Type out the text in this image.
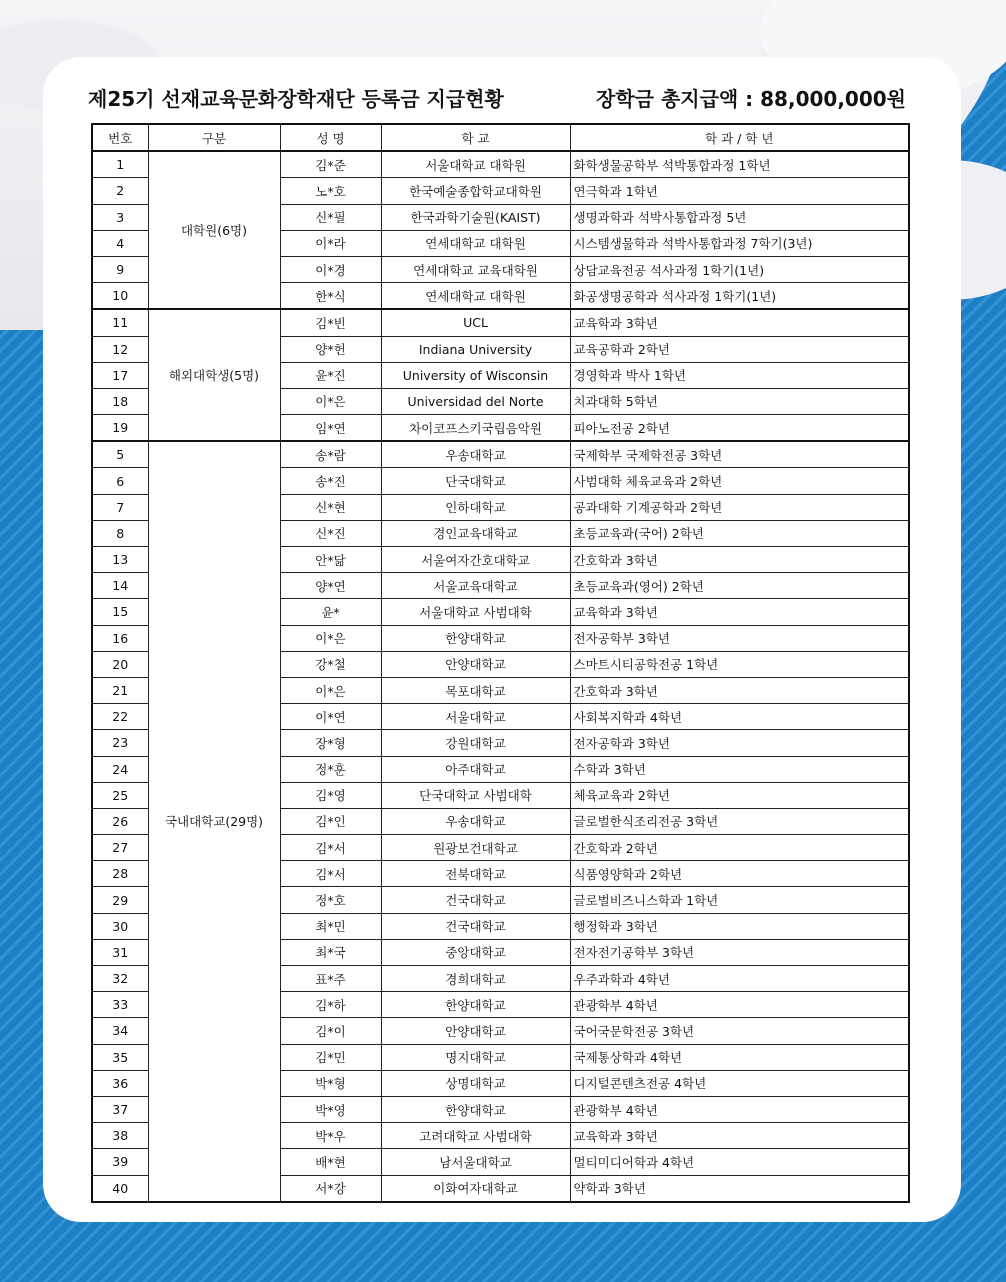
제25기 선재교육문화장학재단 등록금 지급현황	장학금 총지급액 : 88,000,000원
번호	구분	성 명	학 교	학 과 / 학 년
1	대학원(6명)	김*준	서울대학교 대학원	화학생물공학부 석박통합과정 1학년
2		노*호	한국예술종합학교대학원	연극학과 1학년
3		신*필	한국과학기술원(KAIST)	생명과학과 석박사통합과정 5년
4		이*라	연세대학교 대학원	시스템생물학과 석박사통합과정 7학기(3년)
9		이*경	연세대학교 교육대학원	상담교육전공 석사과정 1학기(1년)
10		한*식	연세대학교 대학원	화공생명공학과 석사과정 1학기(1년)
11	해외대학생(5명)	김*빈	UCL	교육학과 3학년
12		양*헌	Indiana University	교육공학과 2학년
17		윤*진	University of Wisconsin	경영학과 박사 1학년
18		이*은	Universidad del Norte	치과대학 5학년
19		임*연	차이코프스키국립음악원	피아노전공 2학년
5	국내대학교(29명)	송*람	우송대학교	국제학부 국제학전공 3학년
6		송*진	단국대학교	사범대학 체육교육과 2학년
7		신*현	인하대학교	공과대학 기계공학과 2학년
8		신*진	경인교육대학교	초등교육과(국어) 2학년
13		안*닮	서울여자간호대학교	간호학과 3학년
14		양*연	서울교육대학교	초등교육과(영어) 2학년
15		윤*	서울대학교 사범대학	교육학과 3학년
16		이*은	한양대학교	전자공학부 3학년
20		강*철	안양대학교	스마트시티공학전공 1학년
21		이*은	목포대학교	간호학과 3학년
22		이*연	서울대학교	사회복지학과 4학년
23		장*형	강원대학교	전자공학과 3학년
24		정*훈	아주대학교	수학과 3학년
25		김*영	단국대학교 사범대학	체육교육과 2학년
26		김*인	우송대학교	글로벌한식조리전공 3학년
27		김*서	원광보건대학교	간호학과 2학년
28		김*서	전북대학교	식품영양학과 2학년
29		정*호	건국대학교	글로벌비즈니스학과 1학년
30		최*민	건국대학교	행정학과 3학년
31		최*국	중앙대학교	전자전기공학부 3학년
32		표*주	경희대학교	우주과학과 4학년
33		김*하	한양대학교	관광학부 4학년
34		김*이	안양대학교	국어국문학전공 3학년
35		김*민	명지대학교	국제통상학과 4학년
36		박*형	상명대학교	디지털콘텐츠전공 4학년
37		박*영	한양대학교	관광학부 4학년
38		박*우	고려대학교 사범대학	교육학과 3학년
39		배*현	남서울대학교	멀티미디어학과 4학년
40		서*강	이화여자대학교	약학과 3학년
